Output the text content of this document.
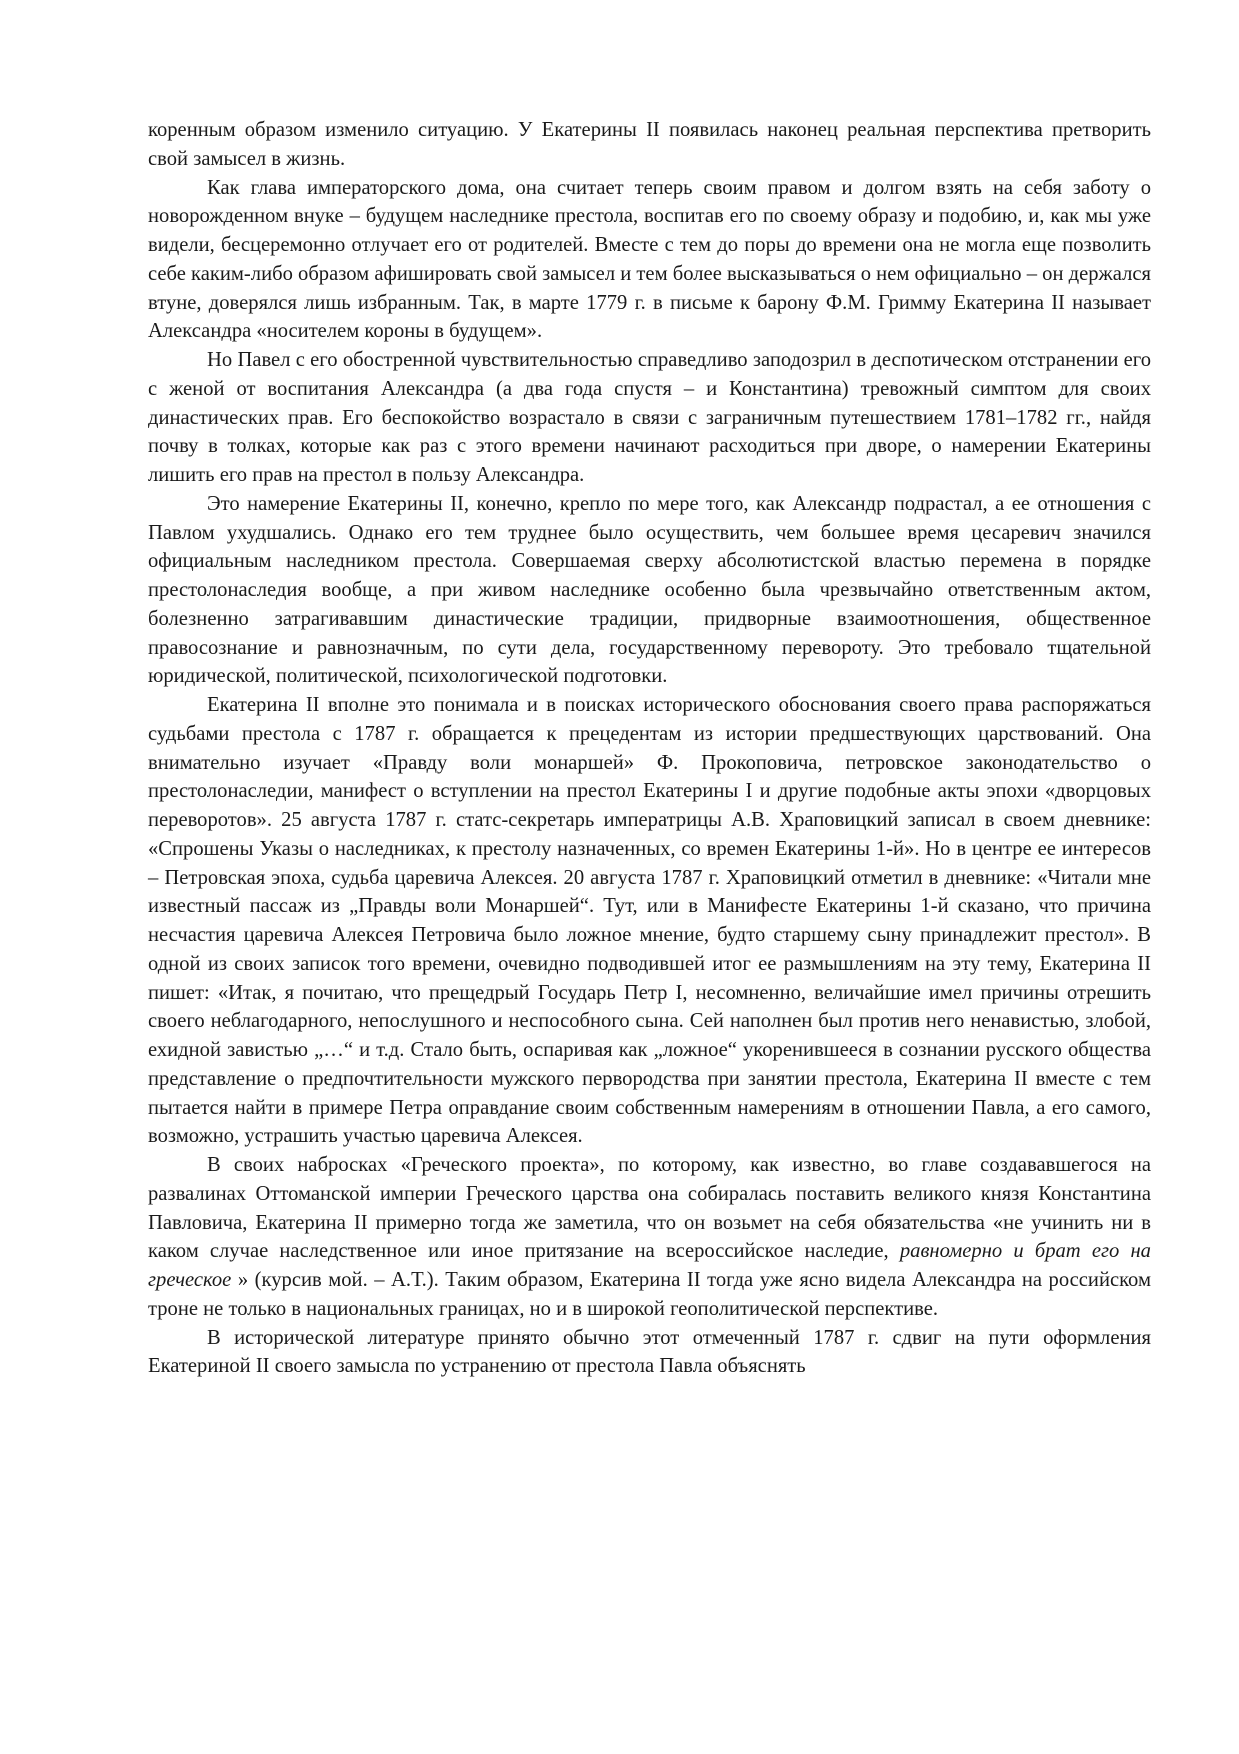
коренным образом изменило ситуацию. У Екатерины II появилась наконец реальная перспектива претворить свой замысел в жизнь.

Как глава императорского дома, она считает теперь своим правом и долгом взять на себя заботу о новорожденном внуке – будущем наследнике престола, воспитав его по своему образу и подобию, и, как мы уже видели, бесцеремонно отлучает его от родителей. Вместе с тем до поры до времени она не могла еще позволить себе каким-либо образом афишировать свой замысел и тем более высказываться о нем официально – он держался втуне, доверялся лишь избранным. Так, в марте 1779 г. в письме к барону Ф.М. Гримму Екатерина II называет Александра «носителем короны в будущем».

Но Павел с его обостренной чувствительностью справедливо заподозрил в деспотическом отстранении его с женой от воспитания Александра (а два года спустя – и Константина) тревожный симптом для своих династических прав. Его беспокойство возрастало в связи с заграничным путешествием 1781–1782 гг., найдя почву в толках, которые как раз с этого времени начинают расходиться при дворе, о намерении Екатерины лишить его прав на престол в пользу Александра.

Это намерение Екатерины II, конечно, крепло по мере того, как Александр подрастал, а ее отношения с Павлом ухудшались. Однако его тем труднее было осуществить, чем большее время цесаревич значился официальным наследником престола. Совершаемая сверху абсолютистской властью перемена в порядке престолонаследия вообще, а при живом наследнике особенно была чрезвычайно ответственным актом, болезненно затрагивавшим династические традиции, придворные взаимоотношения, общественное правосознание и равнозначным, по сути дела, государственному перевороту. Это требовало тщательной юридической, политической, психологической подготовки.

Екатерина II вполне это понимала и в поисках исторического обоснования своего права распоряжаться судьбами престола с 1787 г. обращается к прецедентам из истории предшествующих царствований. Она внимательно изучает «Правду воли монаршей» Ф. Прокоповича, петровское законодательство о престолонаследии, манифест о вступлении на престол Екатерины I и другие подобные акты эпохи «дворцовых переворотов». 25 августа 1787 г. статс-секретарь императрицы А.В. Храповицкий записал в своем дневнике: «Спрошены Указы о наследниках, к престолу назначенных, со времен Екатерины 1-й». Но в центре ее интересов – Петровская эпоха, судьба царевича Алексея. 20 августа 1787 г. Храповицкий отметил в дневнике: «Читали мне известный пассаж из „Правды воли Монаршей“. Тут, или в Манифесте Екатерины 1-й сказано, что причина несчастия царевича Алексея Петровича было ложное мнение, будто старшему сыну принадлежит престол». В одной из своих записок того времени, очевидно подводившей итог ее размышлениям на эту тему, Екатерина II пишет: «Итак, я почитаю, что прещедрый Государь Петр I, несомненно, величайшие имел причины отрешить своего неблагодарного, непослушного и неспособного сына. Сей наполнен был против него ненавистью, злобой, ехидной завистью „…“ и т.д. Стало быть, оспаривая как „ложное“ укоренившееся в сознании русского общества представление о предпочтительности мужского первородства при занятии престола, Екатерина II вместе с тем пытается найти в примере Петра оправдание своим собственным намерениям в отношении Павла, а его самого, возможно, устрашить участью царевича Алексея.

В своих набросках «Греческого проекта», по которому, как известно, во главе создававшегося на развалинах Оттоманской империи Греческого царства она собиралась поставить великого князя Константина Павловича, Екатерина II примерно тогда же заметила, что он возьмет на себя обязательства «не учинить ни в каком случае наследственное или иное притязание на всероссийское наследие, равномерно и брат его на греческое » (курсив мой. – А.Т.). Таким образом, Екатерина II тогда уже ясно видела Александра на российском троне не только в национальных границах, но и в широкой геополитической перспективе.

В исторической литературе принято обычно этот отмеченный 1787 г. сдвиг на пути оформления Екатериной II своего замысла по устранению от престола Павла объяснять
